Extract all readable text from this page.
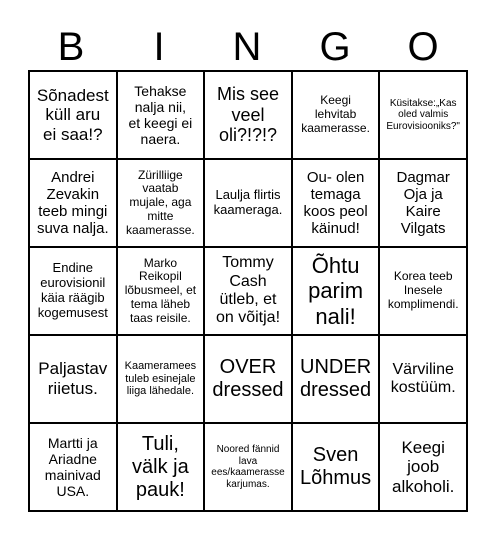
B	I	N	G	O
Sõnadest
küll aru
ei saa!?
Tehakse
nalja nii,
et keegi ei
naera.
Mis see
veel
oli?!?!?
Keegi
lehvitab
kaamerasse.
Küsitakse:„Kas
oled valmis
Eurovisiooniks?"
Andrei
Zevakin
teeb mingi
suva nalja.
Zürilliige
vaatab
mujale, aga
mitte
kaamerasse.
Laulja flirtis
kaameraga.
Ou- olen
temaga
koos peol
käinud!
Dagmar
Oja ja
Kaire
Vilgats
Endine
eurovisionil
käia räägib
kogemusest
Marko
Reikopil
lõbusmeel, et
tema läheb
taas reisile.
Tommy
Cash
ütleb, et
on võitja!
Õhtu
parim
nali!
Korea teeb
Inesele
komplimendi.
Paljastav
riietus.
Kaameramees
tuleb esinejale
liiga lähedale.
OVER
dressed
UNDER
dressed
Värviline
kostüüm.
Martti ja
Ariadne
mainivad
USA.
Tuli,
välk ja
pauk!
Noored fännid
lava
ees/kaamerasse
karjumas.
Sven
Lõhmus
Keegi
joob
alkoholi.
